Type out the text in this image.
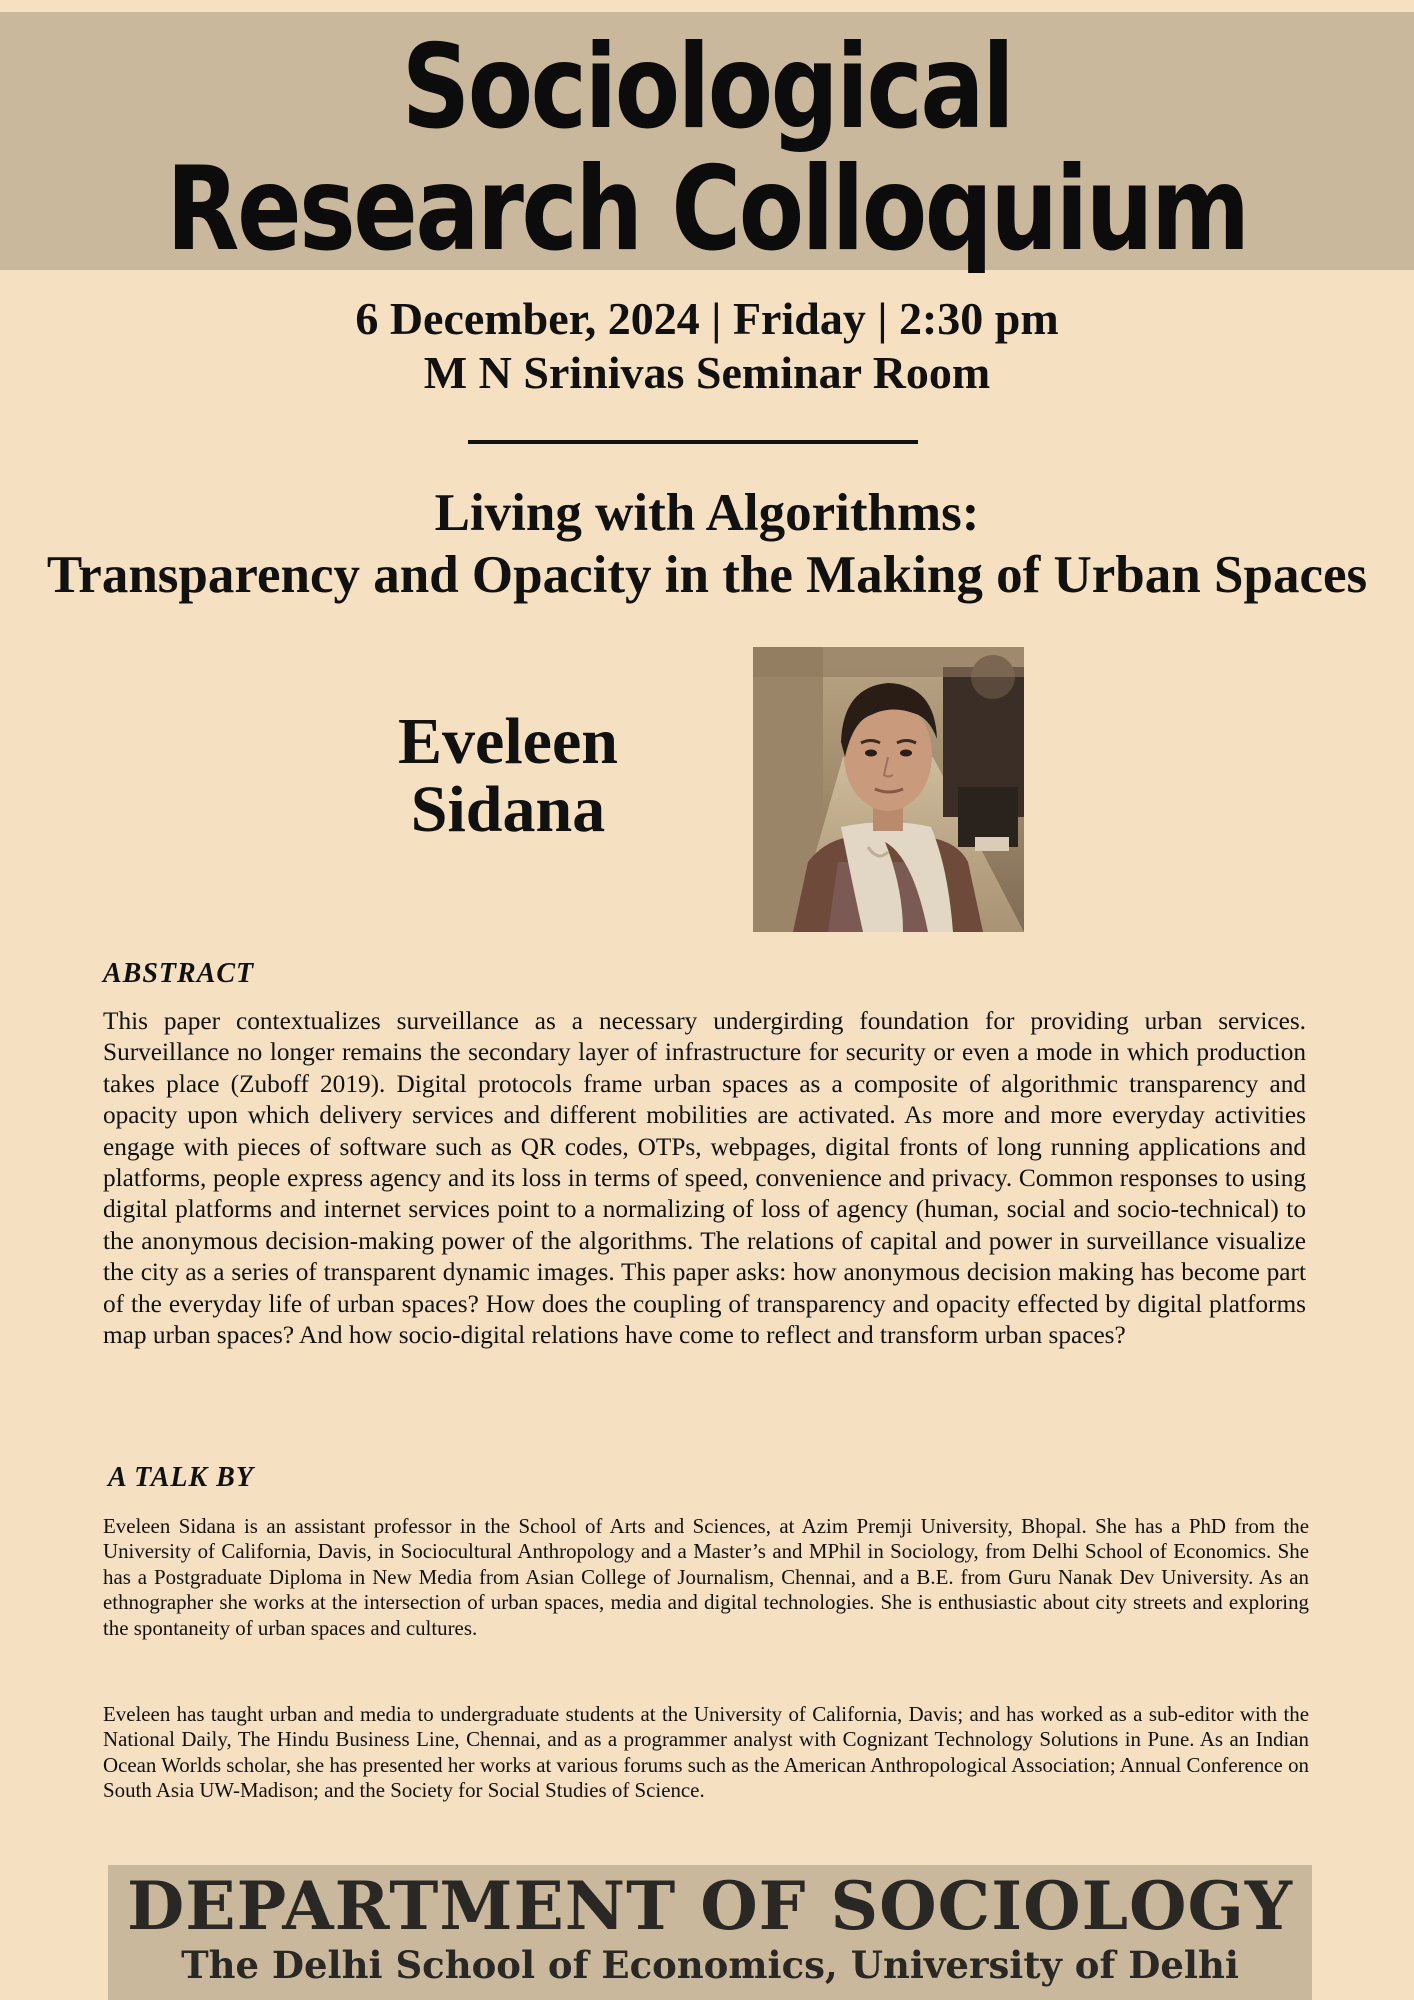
Sociological
Research Colloquium
6 December, 2024 | Friday | 2:30 pm
M N Srinivas Seminar Room
Living with Algorithms:
Transparency and Opacity in the Making of Urban Spaces
Eveleen
Sidana
ABSTRACT
This paper contextualizes surveillance as a necessary undergirding foundation for providing urban services. Surveillance no longer remains the secondary layer of infrastructure for security or even a mode in which production takes place (Zuboff 2019). Digital protocols frame urban spaces as a composite of algorithmic transparency and opacity upon which delivery services and different mobilities are activated. As more and more everyday activities engage with pieces of software such as QR codes, OTPs, webpages, digital fronts of long running applications and platforms, people express agency and its loss in terms of speed, convenience and privacy. Common responses to using digital platforms and internet services point to a normalizing of loss of agency (human, social and socio-technical) to the anonymous decision-making power of the algorithms. The relations of capital and power in surveillance visualize the city as a series of transparent dynamic images. This paper asks: how anonymous decision making has become part of the everyday life of urban spaces? How does the coupling of transparency and opacity effected by digital platforms map urban spaces? And how socio-digital relations have come to reflect and transform urban spaces?
A TALK BY
Eveleen Sidana is an assistant professor in the School of Arts and Sciences, at Azim Premji University, Bhopal. She has a PhD from the University of California, Davis, in Sociocultural Anthropology and a Master’s and MPhil in Sociology, from Delhi School of Economics. She has a Postgraduate Diploma in New Media from Asian College of Journalism, Chennai, and a B.E. from Guru Nanak Dev University. As an ethnographer she works at the intersection of urban spaces, media and digital technologies. She is enthusiastic about city streets and exploring the spontaneity of urban spaces and cultures.
Eveleen has taught urban and media to undergraduate students at the University of California, Davis; and has worked as a sub-editor with the National Daily, The Hindu Business Line, Chennai, and as a programmer analyst with Cognizant Technology Solutions in Pune. As an Indian Ocean Worlds scholar, she has presented her works at various forums such as the American Anthropological Association; Annual Conference on South Asia UW-Madison; and the Society for Social Studies of Science.
DEPARTMENT OF SOCIOLOGY
The Delhi School of Economics, University of Delhi
